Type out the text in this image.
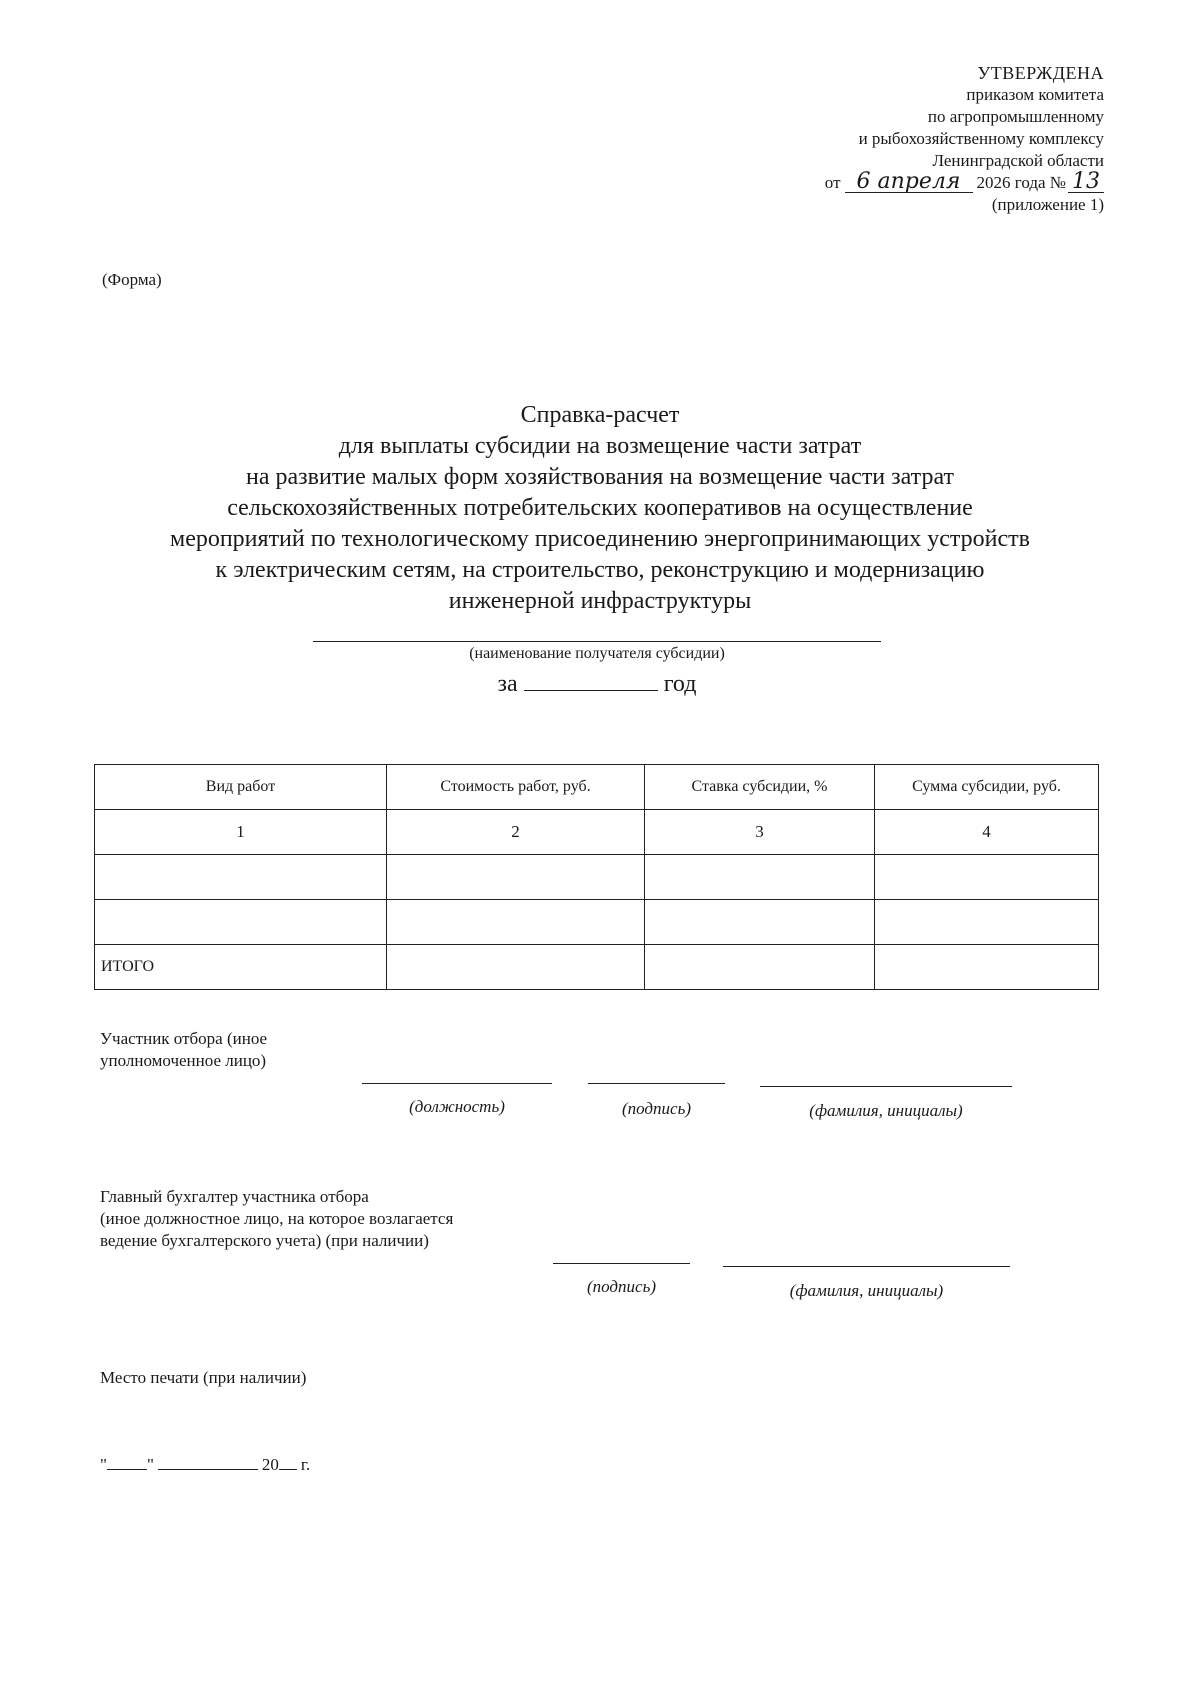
УТВЕРЖДЕНА
приказом комитета
по агропромышленному
и рыбохозяйственному комплексу
Ленинградской области
от 6 апреля 2026 года № 13
(приложение 1)
(Форма)
Справка-расчет
для выплаты субсидии на возмещение части затрат
на развитие малых форм хозяйствования на возмещение части затрат
сельскохозяйственных потребительских кооперативов на осуществление
мероприятий по технологическому присоединению энергопринимающих устройств
к электрическим сетям, на строительство, реконструкцию и модернизацию
инженерной инфраструктуры
(наименование получателя субсидии)
за	год
Вид работ	Стоимость работ, руб.	Ставка субсидии, %	Сумма субсидии, руб.
1	2	3	4

ИТОГО			
Участник отбора (иное
уполномоченное лицо)
(должность)	(подпись)	(фамилия, инициалы)
Главный бухгалтер участника отбора
(иное должностное лицо, на которое возлагается
ведение бухгалтерского учета) (при наличии)
(подпись)	(фамилия, инициалы)
Место печати (при наличии)
" "	20 г.
